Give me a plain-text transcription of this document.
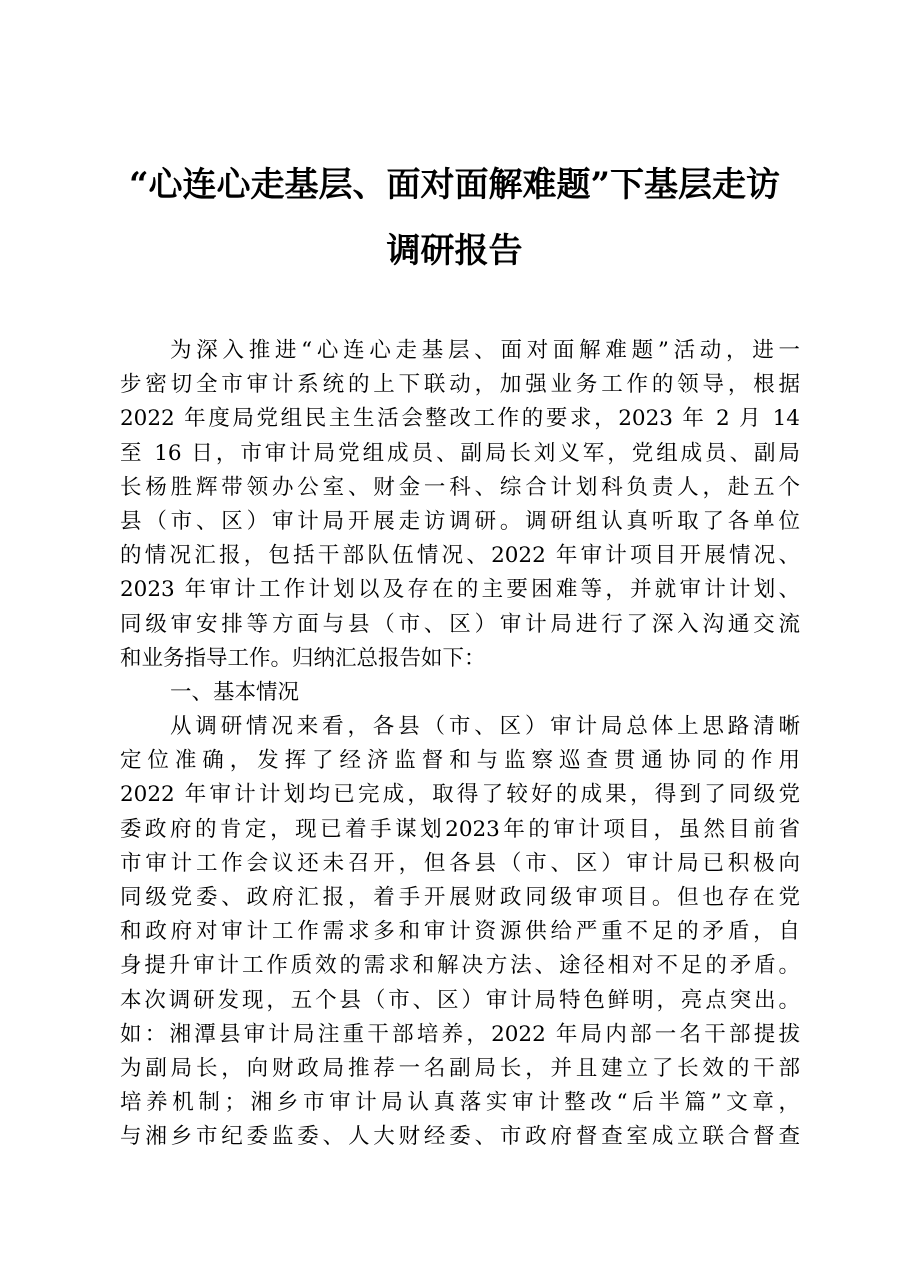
“心连心走基层、面对面解难题”下基层走访
调研报告
为深入推进“心连心走基层、面对面解难题”活动，进一
步密切全市审计系统的上下联动，加强业务工作的领导，根据
2022 年度局党组民主生活会整改工作的要求，2023 年 2 月 14
至 16 日，市审计局党组成员、副局长刘义军，党组成员、副局
长杨胜辉带领办公室、财金一科、综合计划科负责人，赴五个
县（市、区）审计局开展走访调研。调研组认真听取了各单位
的情况汇报，包括干部队伍情况、2022 年审计项目开展情况、
2023 年审计工作计划以及存在的主要困难等，并就审计计划、
同级审安排等方面与县（市、区）审计局进行了深入沟通交流
和业务指导工作。归纳汇总报告如下：
一、基本情况
从调研情况来看，各县（市、区）审计局总体上思路清晰
定位准确，发挥了经济监督和与监察巡查贯通协同的作用
2022 年审计计划均已完成，取得了较好的成果，得到了同级党
委政府的肯定，现已着手谋划2023年的审计项目，虽然目前省
市审计工作会议还未召开，但各县（市、区）审计局已积极向
同级党委、政府汇报，着手开展财政同级审项目。但也存在党
和政府对审计工作需求多和审计资源供给严重不足的矛盾，自
身提升审计工作质效的需求和解决方法、途径相对不足的矛盾。
本次调研发现，五个县（市、区）审计局特色鲜明，亮点突出。
如：湘潭县审计局注重干部培养，2022 年局内部一名干部提拔
为副局长，向财政局推荐一名副局长，并且建立了长效的干部
培养机制；湘乡市审计局认真落实审计整改“后半篇”文章，
与湘乡市纪委监委、人大财经委、市政府督查室成立联合督查
